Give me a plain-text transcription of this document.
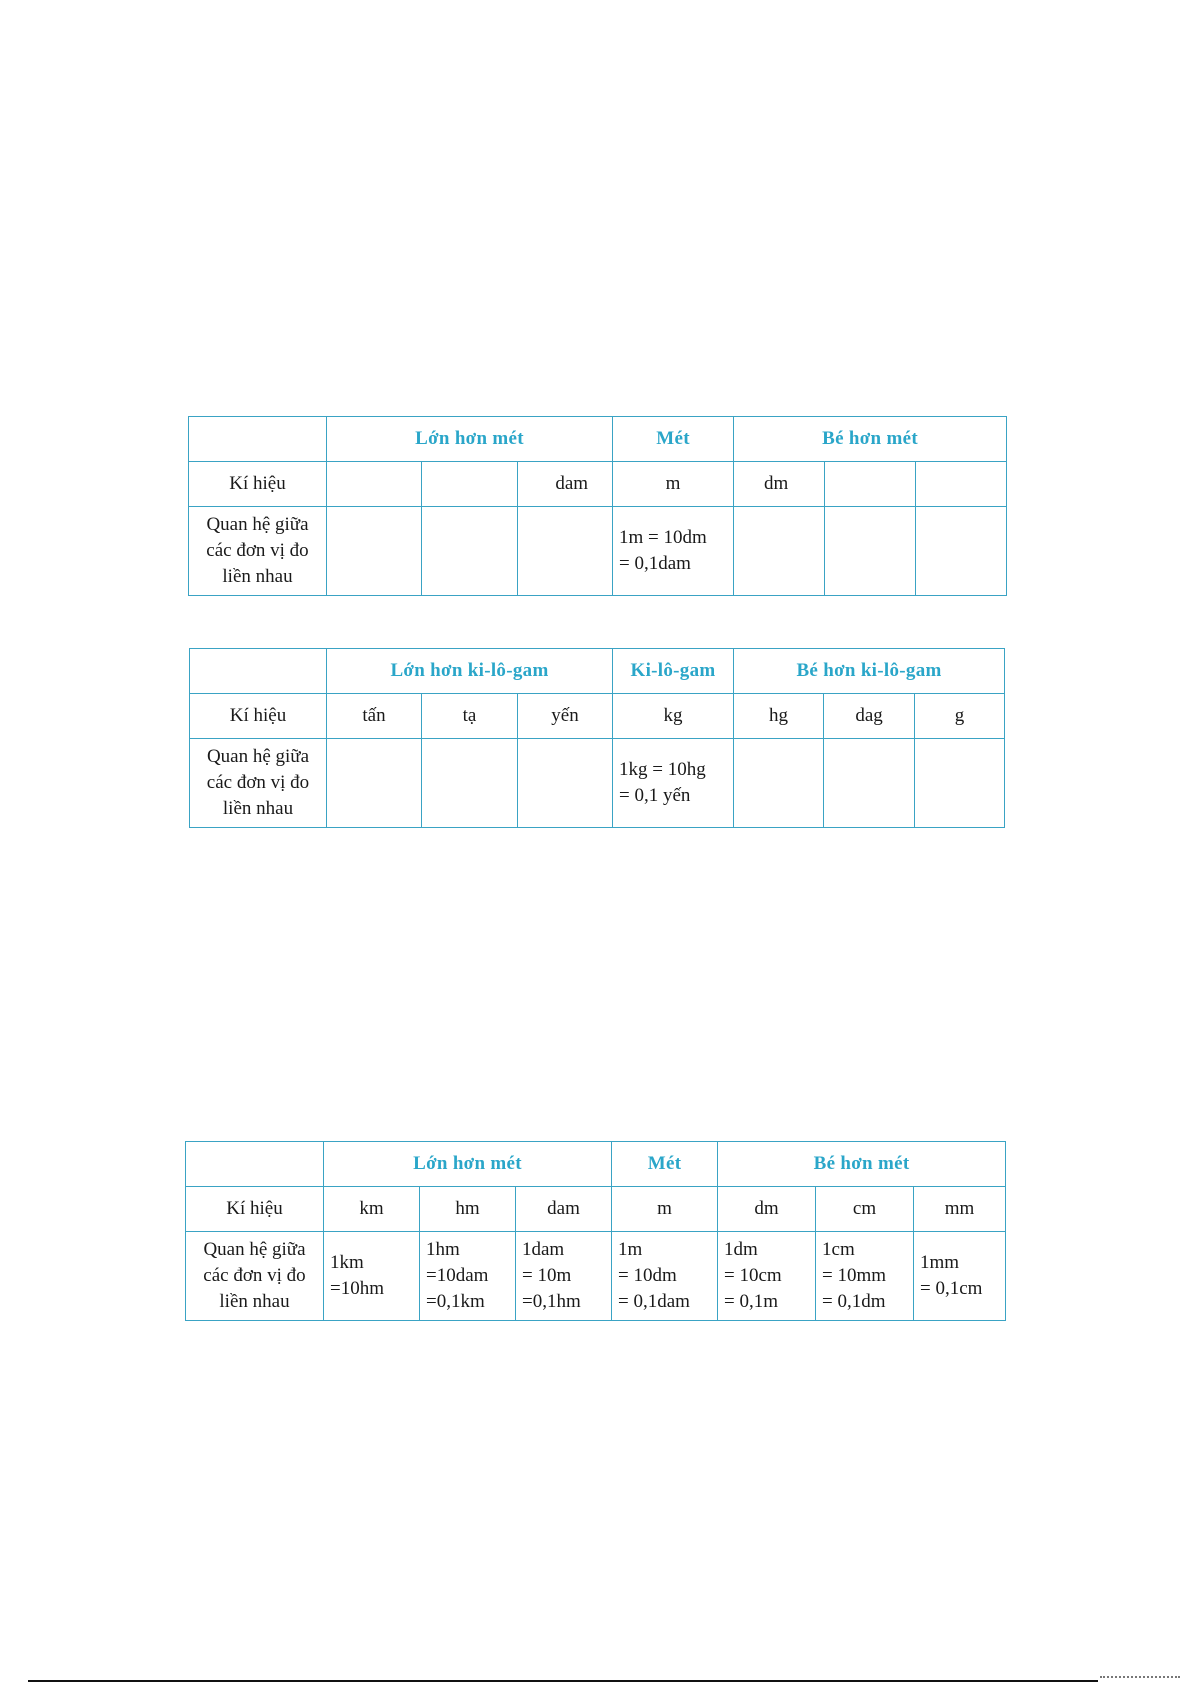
	Lớn hơn mét			Mét	Bé hơn mét		
Kí hiệu			dam	m	dm		

Quan hệ giữa
các đơn vị đo
liền nhau				1m = 10dm
= 0,1dam			

	Lớn hơn ki-lô-gam			Ki-lô-gam	Bé hơn ki-lô-gam		
Kí hiệu	tấn	tạ	yến	kg	hg	dag	g

Quan hệ giữa
các đơn vị đo
liền nhau				1kg = 10hg
= 0,1 yến			

	Lớn hơn mét			Mét	Bé hơn mét		
Kí hiệu	km	hm	dam	m	dm	cm	mm

Quan hệ giữa
các đơn vị đo
liền nhau	1km
=10hm	1hm
=10dam
=0,1km	1dam
= 10m
=0,1hm	1m
= 10dm
= 0,1dam	1dm
= 10cm
= 0,1m	1cm
= 10mm
= 0,1dm	1mm
= 0,1cm
